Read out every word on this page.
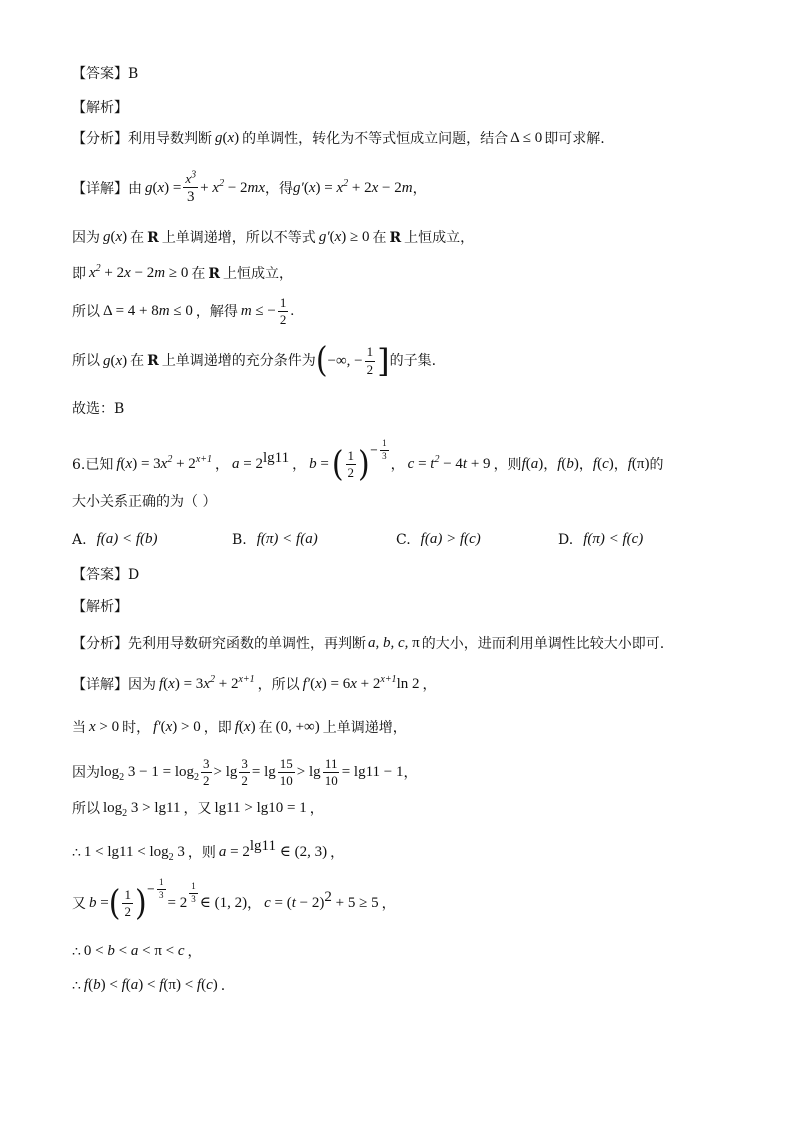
【答案】 B
【解析】
【分析】 利用导数判断 g(x) 的单调性，转化为不等式恒成立问题，结合 Δ ≤ 0 即可求解.
【详解】 由 $g(x) = \frac{x^3}{3} + x^2 - 2mx$ ，得 $g'(x) = x^2 + 2x - 2m$ ，
因为 g(x) 在 R 上单调递增，所以不等式 g′(x) ≥ 0 在 R 上恒成立，
即 $x^2 + 2x - 2m \ge 0$ 在 R 上恒成立，
所以 Δ = 4 + 8m ≤ 0 ，解得 m ≤ − $\frac{1}{2}$ .
所以 g(x) 在 R 上单调递增的充分条件为 ( −∞, − $\frac{1}{2}$ ] 的子集.
故选：B
6. 已知 $f(x) = 3x^2 + 2^{x+1}$ ， $a = 2^{lg11}$ ， b = ( $\frac{1}{2}$ ) − $\frac{1}{3}$
， $c = t^2 - 4t + 9$ ，则 f(a) ， f(b) ， f(c) ， f(π) 的
大小关系正确的为（ ）
A. f(a) < f(b)	B. f(π) < f(a)	C. f(a) > f(c)	D. f(π) < f(c)
【答案】 D
【解析】
【分析】 先利用导数研究函数的单调性，再判断 a, b, c, π 的大小，进而利用单调性比较大小即可.
【详解】 因为 $f(x) = 3x^2 + 2^{x+1}$ ，所以 $f'(x) = 6x + 2^{x+1}\ln$ 2 ，
当 x > 0 时， f′(x) > 0 ，即 f(x) 在 (0, +∞) 上单调递增，
因为 $\log_2 3 - 1 = \log_2 \frac{3}{2} > \lg \frac{3}{2} = \lg \frac{15}{10} > \lg \frac{11}{10} = \lg 11 - 1$ ，
所以 $\log_2 3 > \lg 11$ ，又 lg11 > lg10 = 1 ，
∴ $1 < \lg 11 < \log_2 3$ ，则 $a = 2^{lg11}$ ∈ (2, 3) ，
又 b = ( $\frac{1}{2}$ ) − $\frac{1}{3}$
= $2 \frac{1}{3}$ ∈ (1, 2) ， $c = (t - 2)^2 + 5 \ge 5$ ，
∴ 0 < b < a < π < c ，
∴ f(b) < f(a) < f(π) < f(c) .
